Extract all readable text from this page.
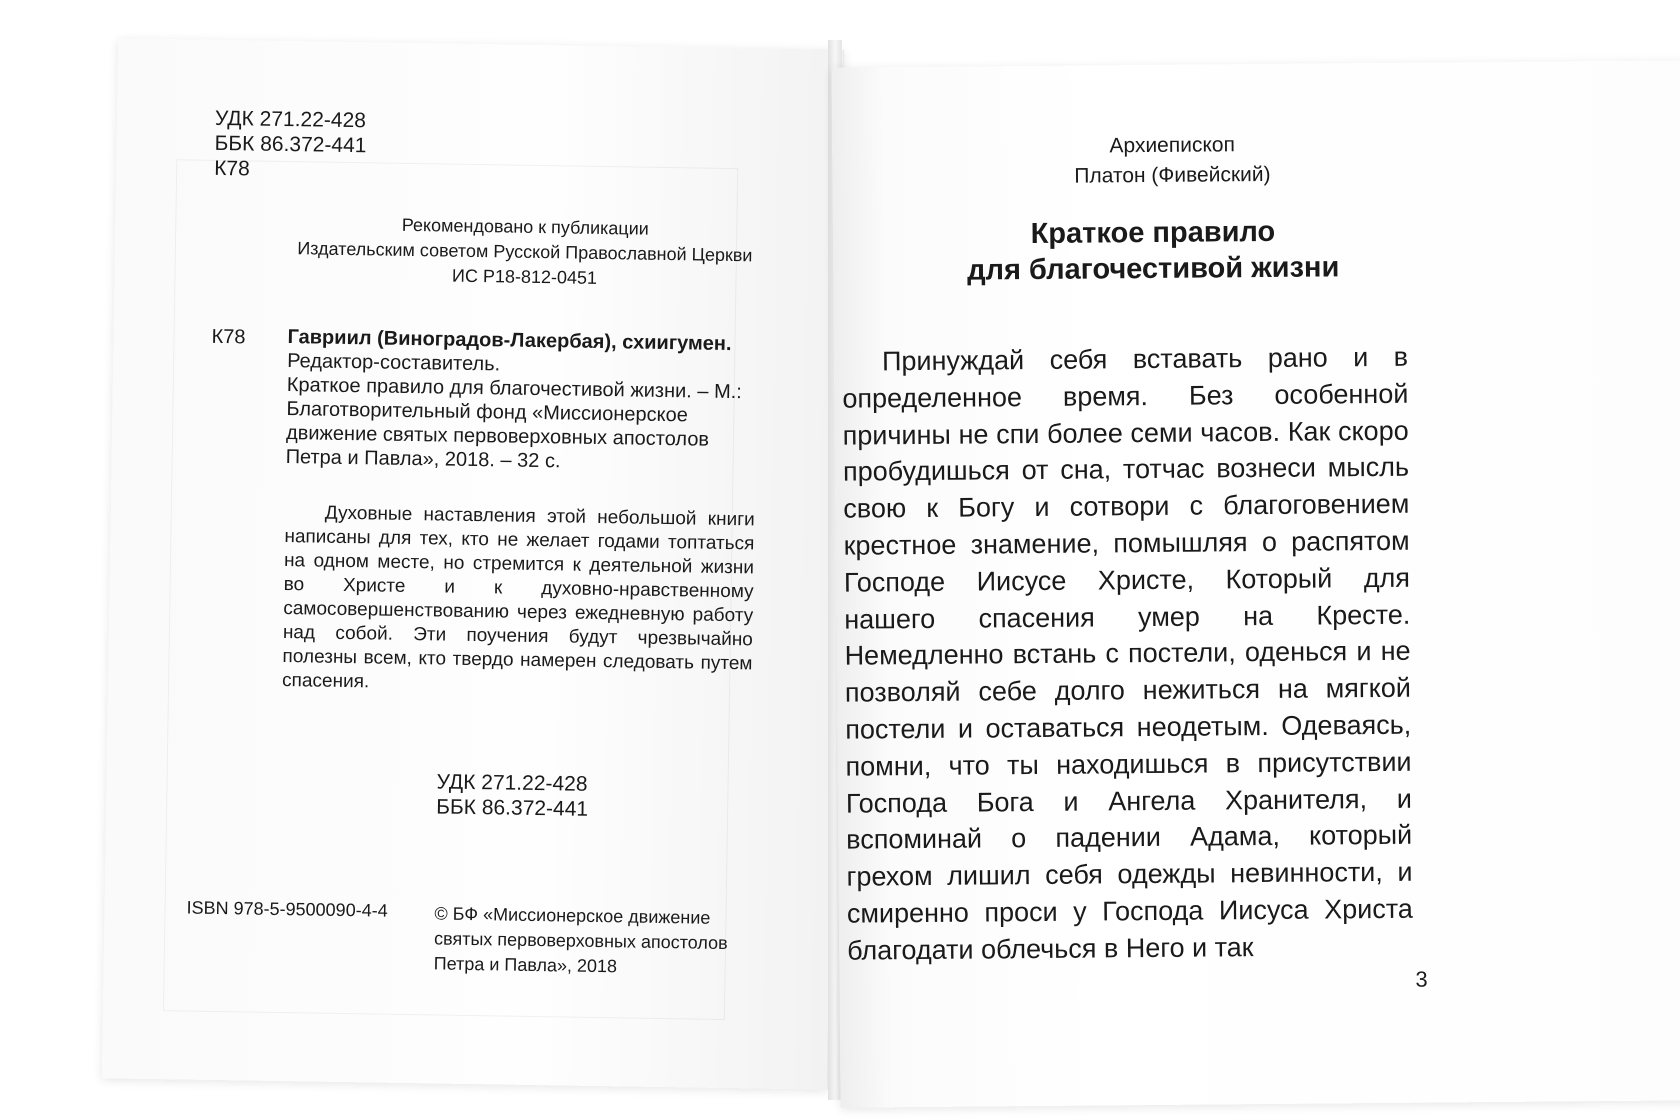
УДК 271.22-428
ББК 86.372-441
К78
Рекомендовано к публикации
Издательским советом Русской Православной Церкви
ИС Р18-812-0451
К78 Гавриил (Виноградов-Лакербая), схиигумен.
Редактор-составитель.
Краткое правило для благочестивой жизни. – М.: Благотворительный фонд «Миссионерское движение святых первоверховных апостолов Петра и Павла», 2018. – 32 с.
Духовные наставления этой небольшой книги написаны для тех, кто не желает годами топтаться на одном месте, но стремится к деятельной жизни во Христе и к духовно-нравственному самосовершенствованию через ежедневную работу над собой. Эти поучения будут чрезвычайно полезны всем, кто твердо намерен следовать путем спасения.
УДК 271.22-428
ББК 86.372-441
ISBN 978-5-9500090-4-4	© БФ «Миссионерское движение
святых первоверховных апостолов
Петра и Павла», 2018
Архиепископ
Платон (Фивейский)
Краткое правило
для благочестивой жизни
Принуждай себя вставать рано и в определенное время. Без особенной причины не спи более семи часов. Как скоро пробудишься от сна, тотчас вознеси мысль свою к Богу и сотвори с благоговением крестное знамение, помышляя о распятом Господе Иисусе Христе, Который для нашего спасения умер на Кресте. Немедленно встань с постели, оденься и не позволяй себе долго нежиться на мягкой постели и оставаться неодетым. Одеваясь, помни, что ты находишься в присутствии Господа Бога и Ангела Хранителя, и вспоминай о падении Адама, который грехом лишил себя одежды невинности, и смиренно проси у Господа Иисуса Христа благодати облечься в Него и так
3
